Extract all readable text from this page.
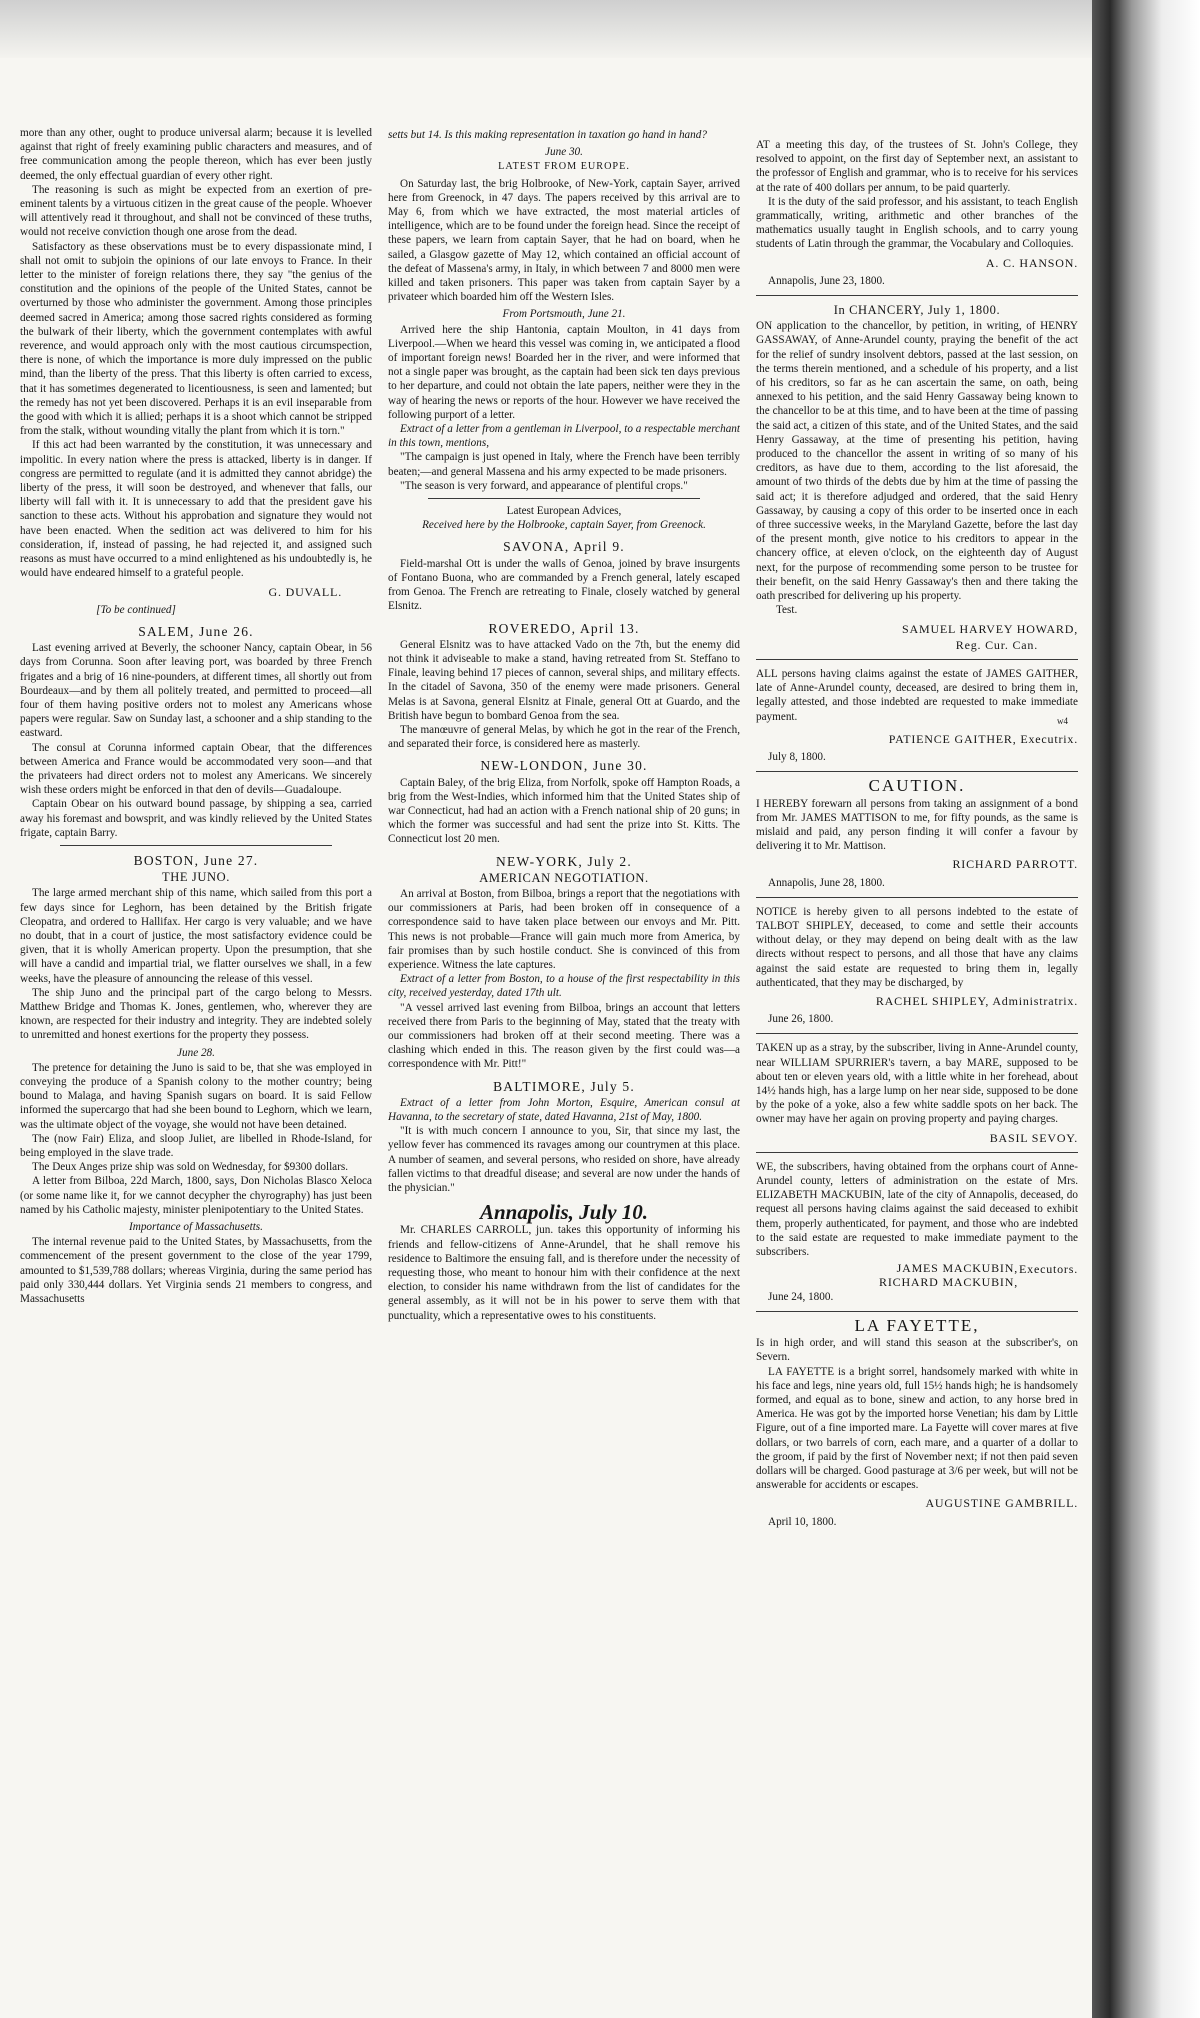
more than any other, ought to produce universal alarm; because it is levelled against that right of freely examining public characters and measures, and of free communication among the people thereon, which has ever been justly deemed, the only effectual guardian of every other right.

The reasoning is such as might be expected from an exertion of pre-eminent talents by a virtuous citizen in the great cause of the people. Whoever will attentively read it throughout, and shall not be convinced of these truths, would not receive conviction though one arose from the dead.

Satisfactory as these observations must be to every dispassionate mind, I shall not omit to subjoin the opinions of our late envoys to France. In their letter to the minister of foreign relations there, they say "the genius of the constitution and the opinions of the people of the United States, cannot be overturned by those who administer the government. Among those principles deemed sacred in America; among those sacred rights considered as forming the bulwark of their liberty, which the government contemplates with awful reverence, and would approach only with the most cautious circumspection, there is none, of which the importance is more duly impressed on the public mind, than the liberty of the press. That this liberty is often carried to excess, that it has sometimes degenerated to licentiousness, is seen and lamented; but the remedy has not yet been discovered. Perhaps it is an evil inseparable from the good with which it is allied; perhaps it is a shoot which cannot be stripped from the stalk, without wounding vitally the plant from which it is torn."

If this act had been warranted by the constitution, it was unnecessary and impolitic. In every nation where the press is attacked, liberty is in danger. If congress are permitted to regulate (and it is admitted they cannot abridge) the liberty of the press, it will soon be destroyed, and whenever that falls, our liberty will fall with it. It is unnecessary to add that the president gave his sanction to these acts. Without his approbation and signature they would not have been enacted. When the sedition act was delivered to him for his consideration, if, instead of passing, he had rejected it, and assigned such reasons as must have occurred to a mind enlightened as his undoubtedly is, he would have endeared himself to a grateful people.

G. DUVALL.
[To be continued]
SALEM, June 26.

Last evening arrived at Beverly, the schooner Nancy, captain Obear, in 56 days from Corunna. Soon after leaving port, was boarded by three French frigates and a brig of 16 nine-pounders, at different times, all shortly out from Bourdeaux—and by them all politely treated, and permitted to proceed—all four of them having positive orders not to molest any Americans whose papers were regular. Saw on Sunday last, a schooner and a ship standing to the eastward.

The consul at Corunna informed captain Obear, that the differences between America and France would be accommodated very soon—and that the privateers had direct orders not to molest any Americans. We sincerely wish these orders might be enforced in that den of devils—Guadaloupe.

Captain Obear on his outward bound passage, by shipping a sea, carried away his foremast and bowsprit, and was kindly relieved by the United States frigate, captain Barry.

BOSTON, June 27.
THE JUNO.

The large armed merchant ship of this name, which sailed from this port a few days since for Leghorn, has been detained by the British frigate Cleopatra, and ordered to Hallifax. Her cargo is very valuable; and we have no doubt, that in a court of justice, the most satisfactory evidence could be given, that it is wholly American property. Upon the presumption, that she will have a candid and impartial trial, we flatter ourselves we shall, in a few weeks, have the pleasure of announcing the release of this vessel.

The ship Juno and the principal part of the cargo belong to Messrs. Matthew Bridge and Thomas K. Jones, gentlemen, who, wherever they are known, are respected for their industry and integrity. They are indebted solely to unremitted and honest exertions for the property they possess.

June 28.

The pretence for detaining the Juno is said to be, that she was employed in conveying the produce of a Spanish colony to the mother country; being bound to Malaga, and having Spanish sugars on board. It is said Fellow informed the supercargo that had she been bound to Leghorn, which we learn, was the ultimate object of the voyage, she would not have been detained.

The (now Fair) Eliza, and sloop Juliet, are libelled in Rhode-Island, for being employed in the slave trade.

The Deux Anges prize ship was sold on Wednesday, for $9300 dollars.

A letter from Bilboa, 22d March, 1800, says, Don Nicholas Blasco Xeloca (or some name like it, for we cannot decypher the chyrography) has just been named by his Catholic majesty, minister plenipotentiary to the United States.

Importance of Massachusetts.

The internal revenue paid to the United States, by Massachusetts, from the commencement of the present government to the close of the year 1799, amounted to $1,539,788 dollars; whereas Virginia, during the same period has paid only 330,444 dollars. Yet Virginia sends 21 members to congress, and Massachusetts

setts but 14. Is this making representation in taxation go hand in hand?

June 30.
LATEST FROM EUROPE.

On Saturday last, the brig Holbrooke, of New-York, captain Sayer, arrived here from Greenock, in 47 days. The papers received by this arrival are to May 6, from which we have extracted, the most material articles of intelligence, which are to be found under the foreign head. Since the receipt of these papers, we learn from captain Sayer, that he had on board, when he sailed, a Glasgow gazette of May 12, which contained an official account of the defeat of Massena's army, in Italy, in which between 7 and 8000 men were killed and taken prisoners. This paper was taken from captain Sayer by a privateer which boarded him off the Western Isles.

From Portsmouth, June 21.

Arrived here the ship Hantonia, captain Moulton, in 41 days from Liverpool.—When we heard this vessel was coming in, we anticipated a flood of important foreign news! Boarded her in the river, and were informed that not a single paper was brought, as the captain had been sick ten days previous to her departure, and could not obtain the late papers, neither were they in the way of hearing the news or reports of the hour. However we have received the following purport of a letter.

Extract of a letter from a gentleman in Liverpool, to a respectable merchant in this town, mentions,

"The campaign is just opened in Italy, where the French have been terribly beaten;—and general Massena and his army expected to be made prisoners.

"The season is very forward, and appearance of plentiful crops."

Latest European Advices,
Received here by the Holbrooke, captain Sayer, from Greenock.
SAVONA, April 9.

Field-marshal Ott is under the walls of Genoa, joined by brave insurgents of Fontano Buona, who are commanded by a French general, lately escaped from Genoa. The French are retreating to Finale, closely watched by general Elsnitz.

ROVEREDO, April 13.

General Elsnitz was to have attacked Vado on the 7th, but the enemy did not think it adviseable to make a stand, having retreated from St. Steffano to Finale, leaving behind 17 pieces of cannon, several ships, and military effects. In the citadel of Savona, 350 of the enemy were made prisoners. General Melas is at Savona, general Elsnitz at Finale, general Ott at Guardo, and the British have begun to bombard Genoa from the sea.

The manœuvre of general Melas, by which he got in the rear of the French, and separated their force, is considered here as masterly.

NEW-LONDON, June 30.

Captain Baley, of the brig Eliza, from Norfolk, spoke off Hampton Roads, a brig from the West-Indies, which informed him that the United States ship of war Connecticut, had had an action with a French national ship of 20 guns; in which the former was successful and had sent the prize into St. Kitts. The Connecticut lost 20 men.

NEW-YORK, July 2.
AMERICAN NEGOTIATION.

An arrival at Boston, from Bilboa, brings a report that the negotiations with our commissioners at Paris, had been broken off in consequence of a correspondence said to have taken place between our envoys and Mr. Pitt. This news is not probable—France will gain much more from America, by fair promises than by such hostile conduct. She is convinced of this from experience. Witness the late captures.

Extract of a letter from Boston, to a house of the first respectability in this city, received yesterday, dated 17th ult.

"A vessel arrived last evening from Bilboa, brings an account that letters received there from Paris to the beginning of May, stated that the treaty with our commissioners had broken off at their second meeting. There was a clashing which ended in this. The reason given by the first could was—a correspondence with Mr. Pitt!"

BALTIMORE, July 5.

Extract of a letter from John Morton, Esquire, American consul at Havanna, to the secretary of state, dated Havanna, 21st of May, 1800.

"It is with much concern I announce to you, Sir, that since my last, the yellow fever has commenced its ravages among our countrymen at this place. A number of seamen, and several persons, who resided on shore, have already fallen victims to that dreadful disease; and several are now under the hands of the physician."

Annapolis, July 10.

Mr. CHARLES CARROLL, jun. takes this opportunity of informing his friends and fellow-citizens of Anne-Arundel, that he shall remove his residence to Baltimore the ensuing fall, and is therefore under the necessity of requesting those, who meant to honour him with their confidence at the next election, to consider his name withdrawn from the list of candidates for the general assembly, as it will not be in his power to serve them with that punctuality, which a representative owes to his constituents.

AT a meeting this day, of the trustees of St. John's College, they resolved to appoint, on the first day of September next, an assistant to the professor of English and grammar, who is to receive for his services at the rate of 400 dollars per annum, to be paid quarterly.

It is the duty of the said professor, and his assistant, to teach English grammatically, writing, arithmetic and other branches of the mathematics usually taught in English schools, and to carry young students of Latin through the grammar, the Vocabulary and Colloquies.

A. C. HANSON.
Annapolis, June 23, 1800.
In CHANCERY, July 1, 1800.

ON application to the chancellor, by petition, in writing, of HENRY GASSAWAY, of Anne-Arundel county, praying the benefit of the act for the relief of sundry insolvent debtors, passed at the last session, on the terms therein mentioned, and a schedule of his property, and a list of his creditors, so far as he can ascertain the same, on oath, being annexed to his petition, and the said Henry Gassaway being known to the chancellor to be at this time, and to have been at the time of passing the said act, a citizen of this state, and of the United States, and the said Henry Gassaway, at the time of presenting his petition, having produced to the chancellor the assent in writing of so many of his creditors, as have due to them, according to the list aforesaid, the amount of two thirds of the debts due by him at the time of passing the said act; it is therefore adjudged and ordered, that the said Henry Gassaway, by causing a copy of this order to be inserted once in each of three successive weeks, in the Maryland Gazette, before the last day of the present month, give notice to his creditors to appear in the chancery office, at eleven o'clock, on the eighteenth day of August next, for the purpose of recommending some person to be trustee for their benefit, on the said Henry Gassaway's then and there taking the oath prescribed for delivering up his property.

Test.
SAMUEL HARVEY HOWARD,
Reg. Cur. Can.

ALL persons having claims against the estate of JAMES GAITHER, late of Anne-Arundel county, deceased, are desired to bring them in, legally attested, and those indebted are requested to make immediate payment.	w4
PATIENCE GAITHER, Executrix.
July 8, 1800.
CAUTION.

I HEREBY forewarn all persons from taking an assignment of a bond from Mr. JAMES MATTISON to me, for fifty pounds, as the same is mislaid and paid, any person finding it will confer a favour by delivering it to Mr. Mattison.

RICHARD PARROTT.
Annapolis, June 28, 1800.

NOTICE is hereby given to all persons indebted to the estate of TALBOT SHIPLEY, deceased, to come and settle their accounts without delay, or they may depend on being dealt with as the law directs without respect to persons, and all those that have any claims against the said estate are requested to bring them in, legally authenticated, that they may be discharged, by

RACHEL SHIPLEY, Administratrix.
June 26, 1800.

TAKEN up as a stray, by the subscriber, living in Anne-Arundel county, near WILLIAM SPURRIER's tavern, a bay MARE, supposed to be about ten or eleven years old, with a little white in her forehead, about 14½ hands high, has a large lump on her near side, supposed to be done by the poke of a yoke, also a few white saddle spots on her back. The owner may have her again on proving property and paying charges.

BASIL SEVOY.

WE, the subscribers, having obtained from the orphans court of Anne-Arundel county, letters of administration on the estate of Mrs. ELIZABETH MACKUBIN, late of the city of Annapolis, deceased, do request all persons having claims against the said deceased to exhibit them, properly authenticated, for payment, and those who are indebted to the said estate are requested to make immediate payment to the subscribers.

JAMES MACKUBIN,
RICHARD MACKUBIN,
Executors.
June 24, 1800.
LA FAYETTE,

Is in high order, and will stand this season at the subscriber's, on Severn.

LA FAYETTE is a bright sorrel, handsomely marked with white in his face and legs, nine years old, full 15½ hands high; he is handsomely formed, and equal as to bone, sinew and action, to any horse bred in America. He was got by the imported horse Venetian; his dam by Little Figure, out of a fine imported mare. La Fayette will cover mares at five dollars, or two barrels of corn, each mare, and a quarter of a dollar to the groom, if paid by the first of November next; if not then paid seven dollars will be charged. Good pasturage at 3/6 per week, but will not be answerable for accidents or escapes.

AUGUSTINE GAMBRILL.
April 10, 1800.
